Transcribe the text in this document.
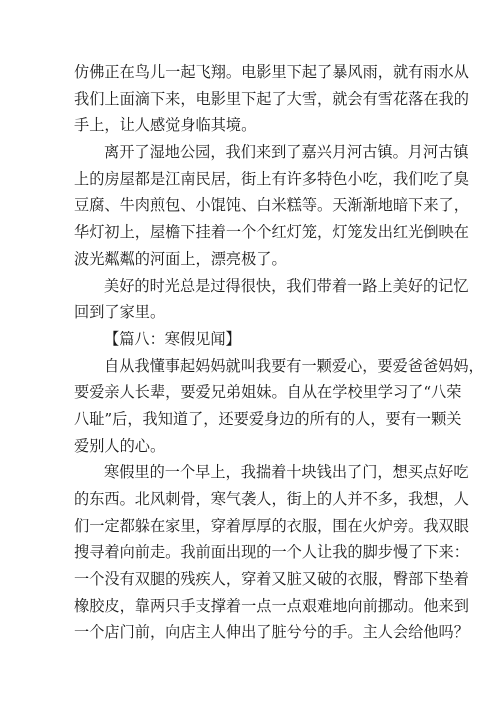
仿佛正在鸟儿一起飞翔。电影里下起了暴风雨，就有雨水从
我们上面滴下来，电影里下起了大雪，就会有雪花落在我的
手上，让人感觉身临其境。
离开了湿地公园，我们来到了嘉兴月河古镇。月河古镇
上的房屋都是江南民居，街上有许多特色小吃，我们吃了臭
豆腐、牛肉煎包、小馄饨、白米糕等。天渐渐地暗下来了，
华灯初上，屋檐下挂着一个个红灯笼，灯笼发出红光倒映在
波光粼粼的河面上，漂亮极了。
美好的时光总是过得很快，我们带着一路上美好的记忆
回到了家里。
【篇八：寒假见闻】
自从我懂事起妈妈就叫我要有一颗爱心，要爱爸爸妈妈，
要爱亲人长辈，要爱兄弟姐妹。自从在学校里学习了“八荣
八耻”后，我知道了，还要爱身边的所有的人，要有一颗关
爱别人的心。
寒假里的一个早上，我揣着十块钱出了门，想买点好吃
的东西。北风刺骨，寒气袭人，街上的人并不多，我想，人
们一定都躲在家里，穿着厚厚的衣服，围在火炉旁。我双眼
搜寻着向前走。我前面出现的一个人让我的脚步慢了下来：
一个没有双腿的残疾人，穿着又脏又破的衣服，臀部下垫着
橡胶皮，靠两只手支撑着一点一点艰难地向前挪动。他来到
一个店门前，向店主人伸出了脏兮兮的手。主人会给他吗？
